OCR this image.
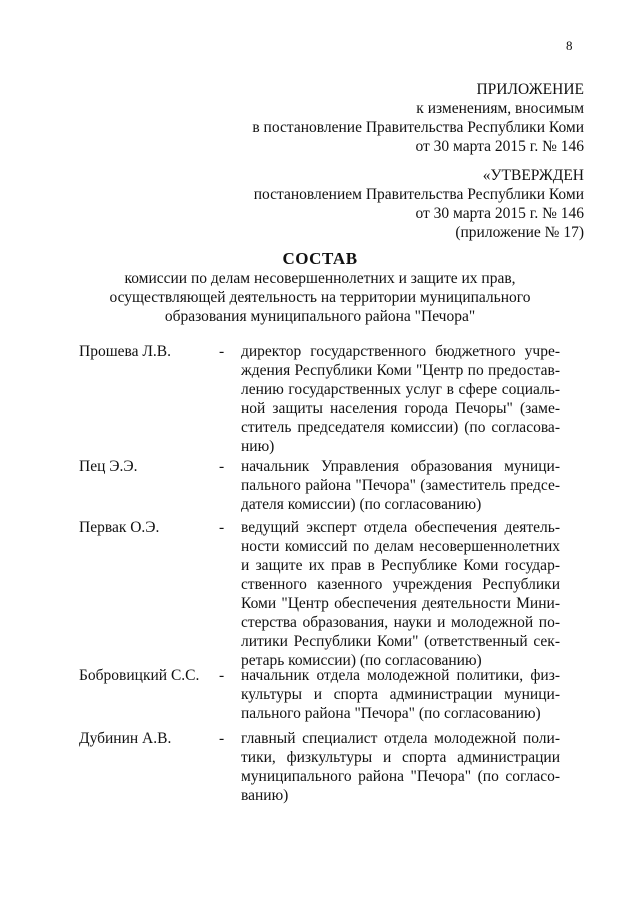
8
ПРИЛОЖЕНИЕ
к изменениям, вносимым
в постановление Правительства Республики Коми
от 30 марта 2015 г. № 146
«УТВЕРЖДЕН
постановлением Правительства Республики Коми
от 30 марта 2015 г. № 146
(приложение № 17)
СОСТАВ
комиссии по делам несовершеннолетних и защите их прав,
осуществляющей деятельность на территории муниципального
образования муниципального района "Печора"
Прошева Л.В.	- директор государственного бюджетного учреждения Республики Коми "Центр по предоставлению государственных услуг в сфере социальной защиты населения города Печоры" (заместитель председателя комиссии) (по согласованию)
Пец Э.Э.	- начальник Управления образования муниципального района "Печора" (заместитель председателя комиссии) (по согласованию)
Первак О.Э.	- ведущий эксперт отдела обеспечения деятельности комиссий по делам несовершеннолетних и защите их прав в Республике Коми государственного казенного учреждения Республики Коми "Центр обеспечения деятельности Министерства образования, науки и молодежной политики Республики Коми" (ответственный секретарь комиссии) (по согласованию)
Бобровицкий С.С. - начальник отдела молодежной политики, физкультуры и спорта администрации муниципального района "Печора" (по согласованию)
Дубинин А.В.	- главный специалист отдела молодежной политики, физкультуры и спорта администрации муниципального района "Печора" (по согласованию)
